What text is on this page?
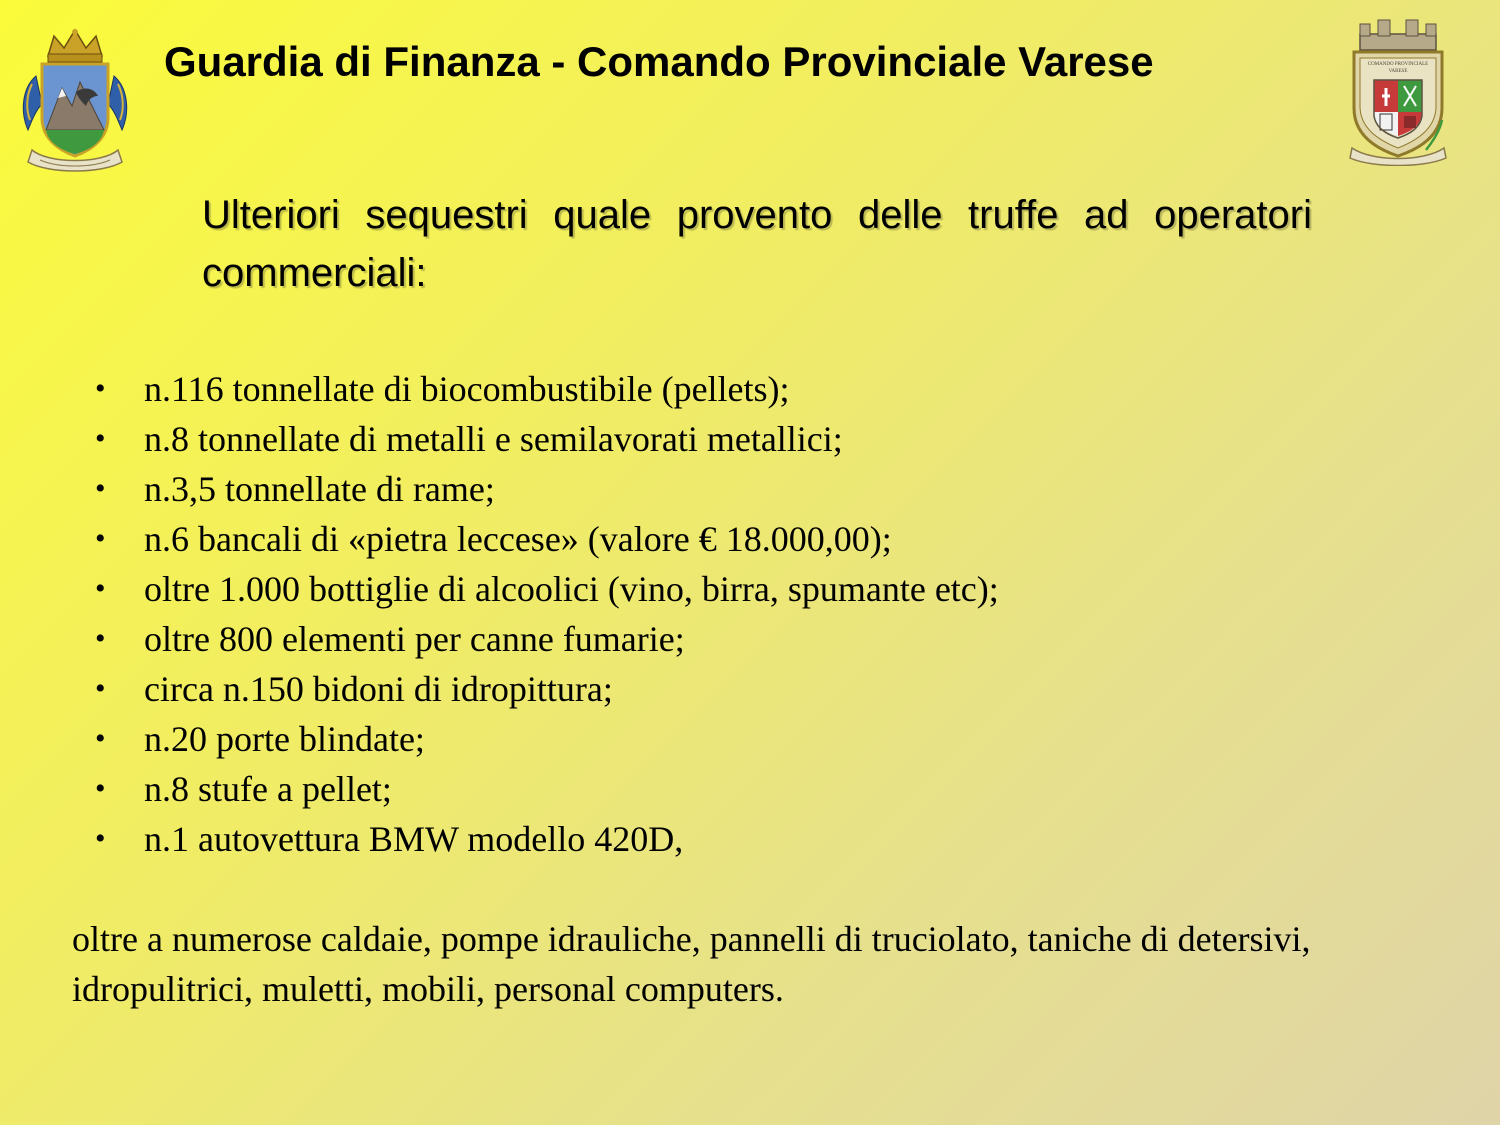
Guardia di Finanza - Comando Provinciale Varese	COMANDO PROVINCIALE
VARESE
Ulteriori sequestri quale provento delle truffe ad operatori commerciali:
• n.116 tonnellate di biocombustibile (pellets);
• n.8 tonnellate di metalli e semilavorati metallici;
• n.3,5 tonnellate di rame;
• n.6 bancali di «pietra leccese» (valore € 18.000,00);
• oltre 1.000 bottiglie di alcoolici (vino, birra, spumante etc);
• oltre 800 elementi per canne fumarie;
• circa n.150 bidoni di idropittura;
• n.20 porte blindate;
• n.8 stufe a pellet;
• n.1 autovettura BMW modello 420D,

oltre a numerose caldaie, pompe idrauliche, pannelli di truciolato, taniche di detersivi, idropulitrici, muletti, mobili, personal computers.
